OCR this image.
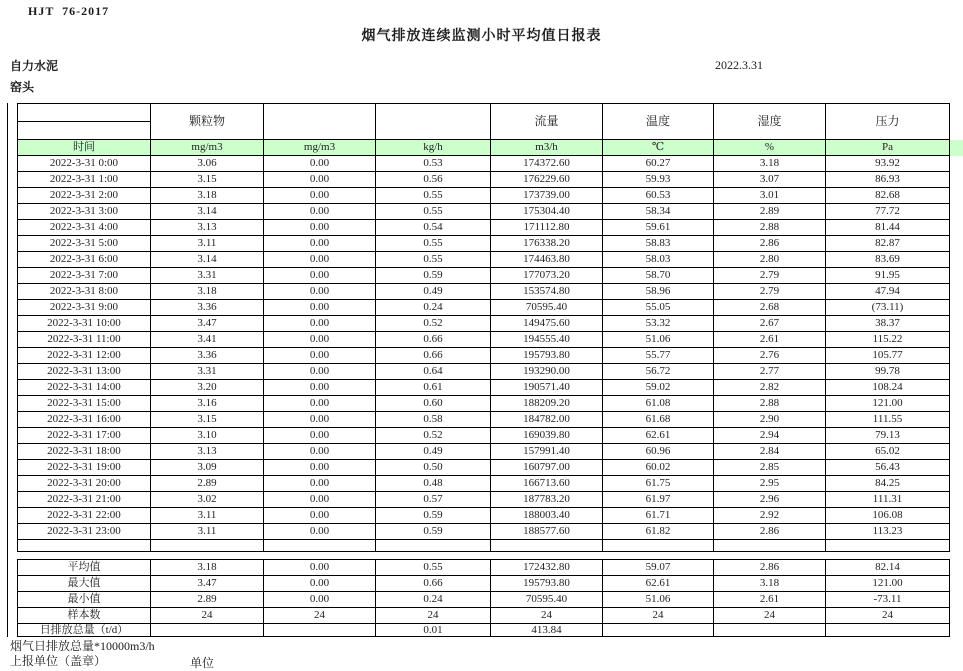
HJT  76-2017
烟气排放连续监测小时平均值日报表
自力水泥
窑头
2022.3.31
	颗粒物			流量	温度	湿度	压力

时间	mg/m3	mg/m3	kg/h	m3/h	℃	%	Pa
2022-3-31 0:00	3.06	0.00	0.53	174372.60	60.27	3.18	93.92
2022-3-31 1:00	3.15	0.00	0.56	176229.60	59.93	3.07	86.93
2022-3-31 2:00	3.18	0.00	0.55	173739.00	60.53	3.01	82.68
2022-3-31 3:00	3.14	0.00	0.55	175304.40	58.34	2.89	77.72
2022-3-31 4:00	3.13	0.00	0.54	171112.80	59.61	2.88	81.44
2022-3-31 5:00	3.11	0.00	0.55	176338.20	58.83	2.86	82.87
2022-3-31 6:00	3.14	0.00	0.55	174463.80	58.03	2.80	83.69
2022-3-31 7:00	3.31	0.00	0.59	177073.20	58.70	2.79	91.95
2022-3-31 8:00	3.18	0.00	0.49	153574.80	58.96	2.79	47.94
2022-3-31 9:00	3.36	0.00	0.24	70595.40	55.05	2.68	(73.11)
2022-3-31 10:00	3.47	0.00	0.52	149475.60	53.32	2.67	38.37
2022-3-31 11:00	3.41	0.00	0.66	194555.40	51.06	2.61	115.22
2022-3-31 12:00	3.36	0.00	0.66	195793.80	55.77	2.76	105.77
2022-3-31 13:00	3.31	0.00	0.64	193290.00	56.72	2.77	99.78
2022-3-31 14:00	3.20	0.00	0.61	190571.40	59.02	2.82	108.24
2022-3-31 15:00	3.16	0.00	0.60	188209.20	61.08	2.88	121.00
2022-3-31 16:00	3.15	0.00	0.58	184782.00	61.68	2.90	111.55
2022-3-31 17:00	3.10	0.00	0.52	169039.80	62.61	2.94	79.13
2022-3-31 18:00	3.13	0.00	0.49	157991.40	60.96	2.84	65.02
2022-3-31 19:00	3.09	0.00	0.50	160797.00	60.02	2.85	56.43
2022-3-31 20:00	2.89	0.00	0.48	166713.60	61.75	2.95	84.25
2022-3-31 21:00	3.02	0.00	0.57	187783.20	61.97	2.96	111.31
2022-3-31 22:00	3.11	0.00	0.59	188003.40	61.71	2.92	106.08
2022-3-31 23:00	3.11	0.00	0.59	188577.60	61.82	2.86	113.23

平均值	3.18	0.00	0.55	172432.80	59.07	2.86	82.14
最大值	3.47	0.00	0.66	195793.80	62.61	3.18	121.00
最小值	2.89	0.00	0.24	70595.40	51.06	2.61	-73.11
样本数	24	24	24	24	24	24	24
日排放总量（t/d）			0.01	413.84			
烟气日排放总量*10000m3/h
上报单位（盖章）	单位
